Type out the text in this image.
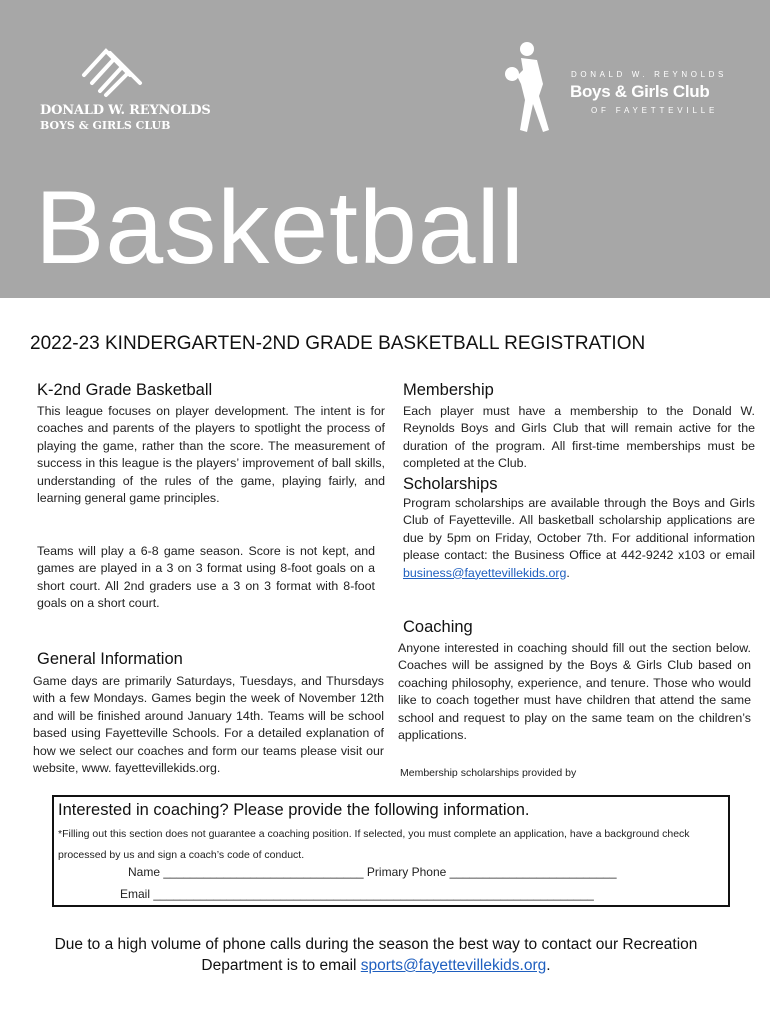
DONALD W. REYNOLDS
BOYS & GIRLS CLUB
DONALD W. REYNOLDS
Boys & Girls Club
OF FAYETTEVILLE
Basketball
2022-23 KINDERGARTEN-2ND GRADE BASKETBALL REGISTRATION
K-2nd Grade Basketball
This league focuses on player development. The intent is for coaches and parents of the players to spotlight the process of playing the game, rather than the score. The measurement of success in this league is the players’ improvement of ball skills, understanding of the rules of the game, playing fairly, and learning general game principles.
Teams will play a 6-8 game season. Score is not kept, and games are played in a 3 on 3 format using 8-foot goals on a short court. All 2nd graders use a 3 on 3 format with 8-foot goals on a short court.
General Information
Game days are primarily Saturdays, Tuesdays, and Thursdays with a few Mondays. Games begin the week of November 12th and will be finished around January 14th. Teams will be school based using Fayetteville Schools. For a detailed explanation of how we select our coaches and form our teams please visit our website, www. fayettevillekids.org.
Membership
Each player must have a membership to the Donald W. Reynolds Boys and Girls Club that will remain active for the duration of the program. All first-time memberships must be completed at the Club.
Scholarships
Program scholarships are available through the Boys and Girls Club of Fayetteville. All basketball scholarship applications are due by 5pm on Friday, October 7th. For additional information please contact: the Business Office at 442-9242 x103 or email business@fayettevillekids.org.
Coaching
Anyone interested in coaching should fill out the section below. Coaches will be assigned by the Boys & Girls Club based on coaching philosophy, experience, and tenure. Those who would like to coach together must have children that attend the same school and request to play on the same team on the children’s applications.
Membership scholarships provided by
Interested in coaching? Please provide the following information.
*Filling out this section does not guarantee a coaching position. If selected, you must complete an application, have a background check processed by us and sign a coach’s code of conduct.
Name ______________________________ Primary Phone _________________________
Email __________________________________________________________________
Due to a high volume of phone calls during the season the best way to contact our Recreation Department is to email sports@fayettevillekids.org.
